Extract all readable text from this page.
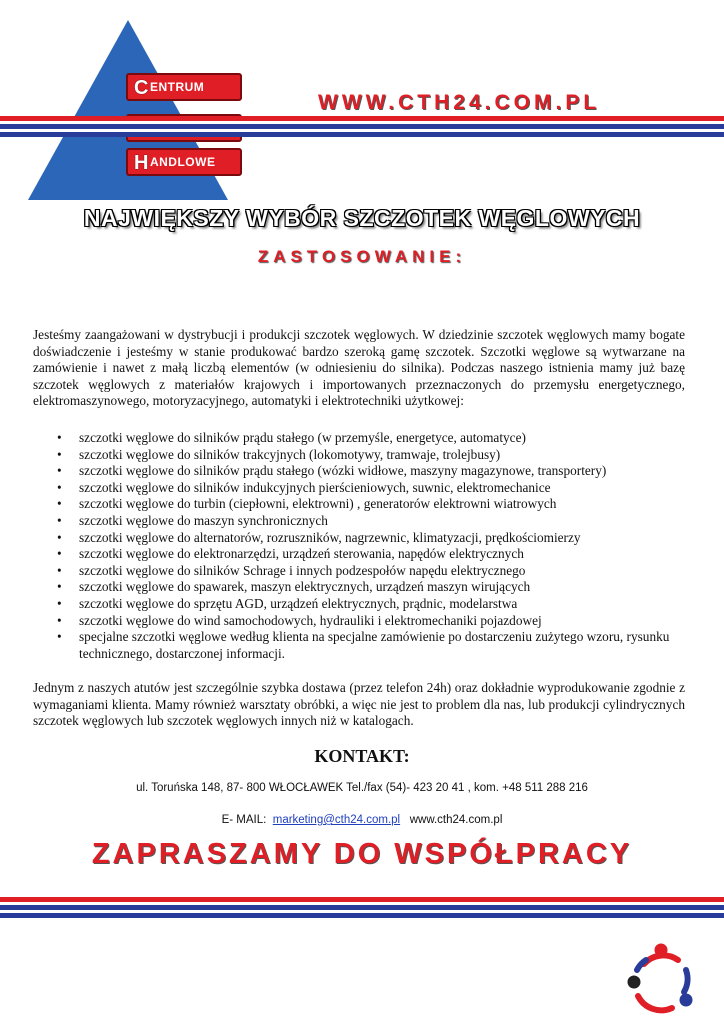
CENTRUM
HANDLOWE
WWW.CTH24.COM.PL
NAJWIĘKSZY WYBÓR SZCZOTEK WĘGLOWYCH
ZASTOSOWANIE:
Jesteśmy zaangażowani w dystrybucji i produkcji szczotek węglowych. W dziedzinie szczotek węglowych mamy bogate doświadczenie i jesteśmy w stanie produkować bardzo szeroką gamę szczotek. Szczotki węglowe są wytwarzane na zamówienie i nawet z małą liczbą elementów (w odniesieniu do silnika). Podczas naszego istnienia mamy już bazę szczotek węglowych z materiałów krajowych i importowanych przeznaczonych do przemysłu energetycznego, elektromaszynowego, motoryzacyjnego, automatyki i elektrotechniki użytkowej:
• szczotki węglowe do silników prądu stałego (w przemyśle, energetyce, automatyce)
• szczotki węglowe do silników trakcyjnych (lokomotywy, tramwaje, trolejbusy)
• szczotki węglowe do silników prądu stałego (wózki widłowe, maszyny magazynowe, transportery)
• szczotki węglowe do silników indukcyjnych pierścieniowych, suwnic, elektromechanice
• szczotki węglowe do turbin (ciepłowni, elektrowni) , generatorów elektrowni wiatrowych
• szczotki węglowe do maszyn synchronicznych
• szczotki węglowe do alternatorów, rozruszników, nagrzewnic, klimatyzacji, prędkościomierzy
• szczotki węglowe do elektronarzędzi, urządzeń sterowania, napędów elektrycznych
• szczotki węglowe do silników Schrage i innych podzespołów napędu elektrycznego
• szczotki węglowe do spawarek, maszyn elektrycznych, urządzeń maszyn wirujących
• szczotki węglowe do sprzętu AGD, urządzeń elektrycznych, prądnic, modelarstwa
• szczotki węglowe do wind samochodowych, hydrauliki i elektromechaniki pojazdowej
• specjalne szczotki węglowe według klienta na specjalne zamówienie po dostarczeniu zużytego wzoru, rysunku technicznego, dostarczonej informacji.
Jednym z naszych atutów jest szczególnie szybka dostawa (przez telefon 24h) oraz dokładnie wyprodukowanie zgodnie z wymaganiami klienta. Mamy również warsztaty obróbki, a więc nie jest to problem dla nas, lub produkcji cylindrycznych szczotek węglowych lub szczotek węglowych innych niż w katalogach.
KONTAKT:
ul. Toruńska 148, 87- 800 WŁOCŁAWEK Tel./fax (54)- 423 20 41 , kom. +48 511 288 216
E- MAIL: marketing@cth24.com.pl www.cth24.com.pl
ZAPRASZAMY DO WSPÓŁPRACY
